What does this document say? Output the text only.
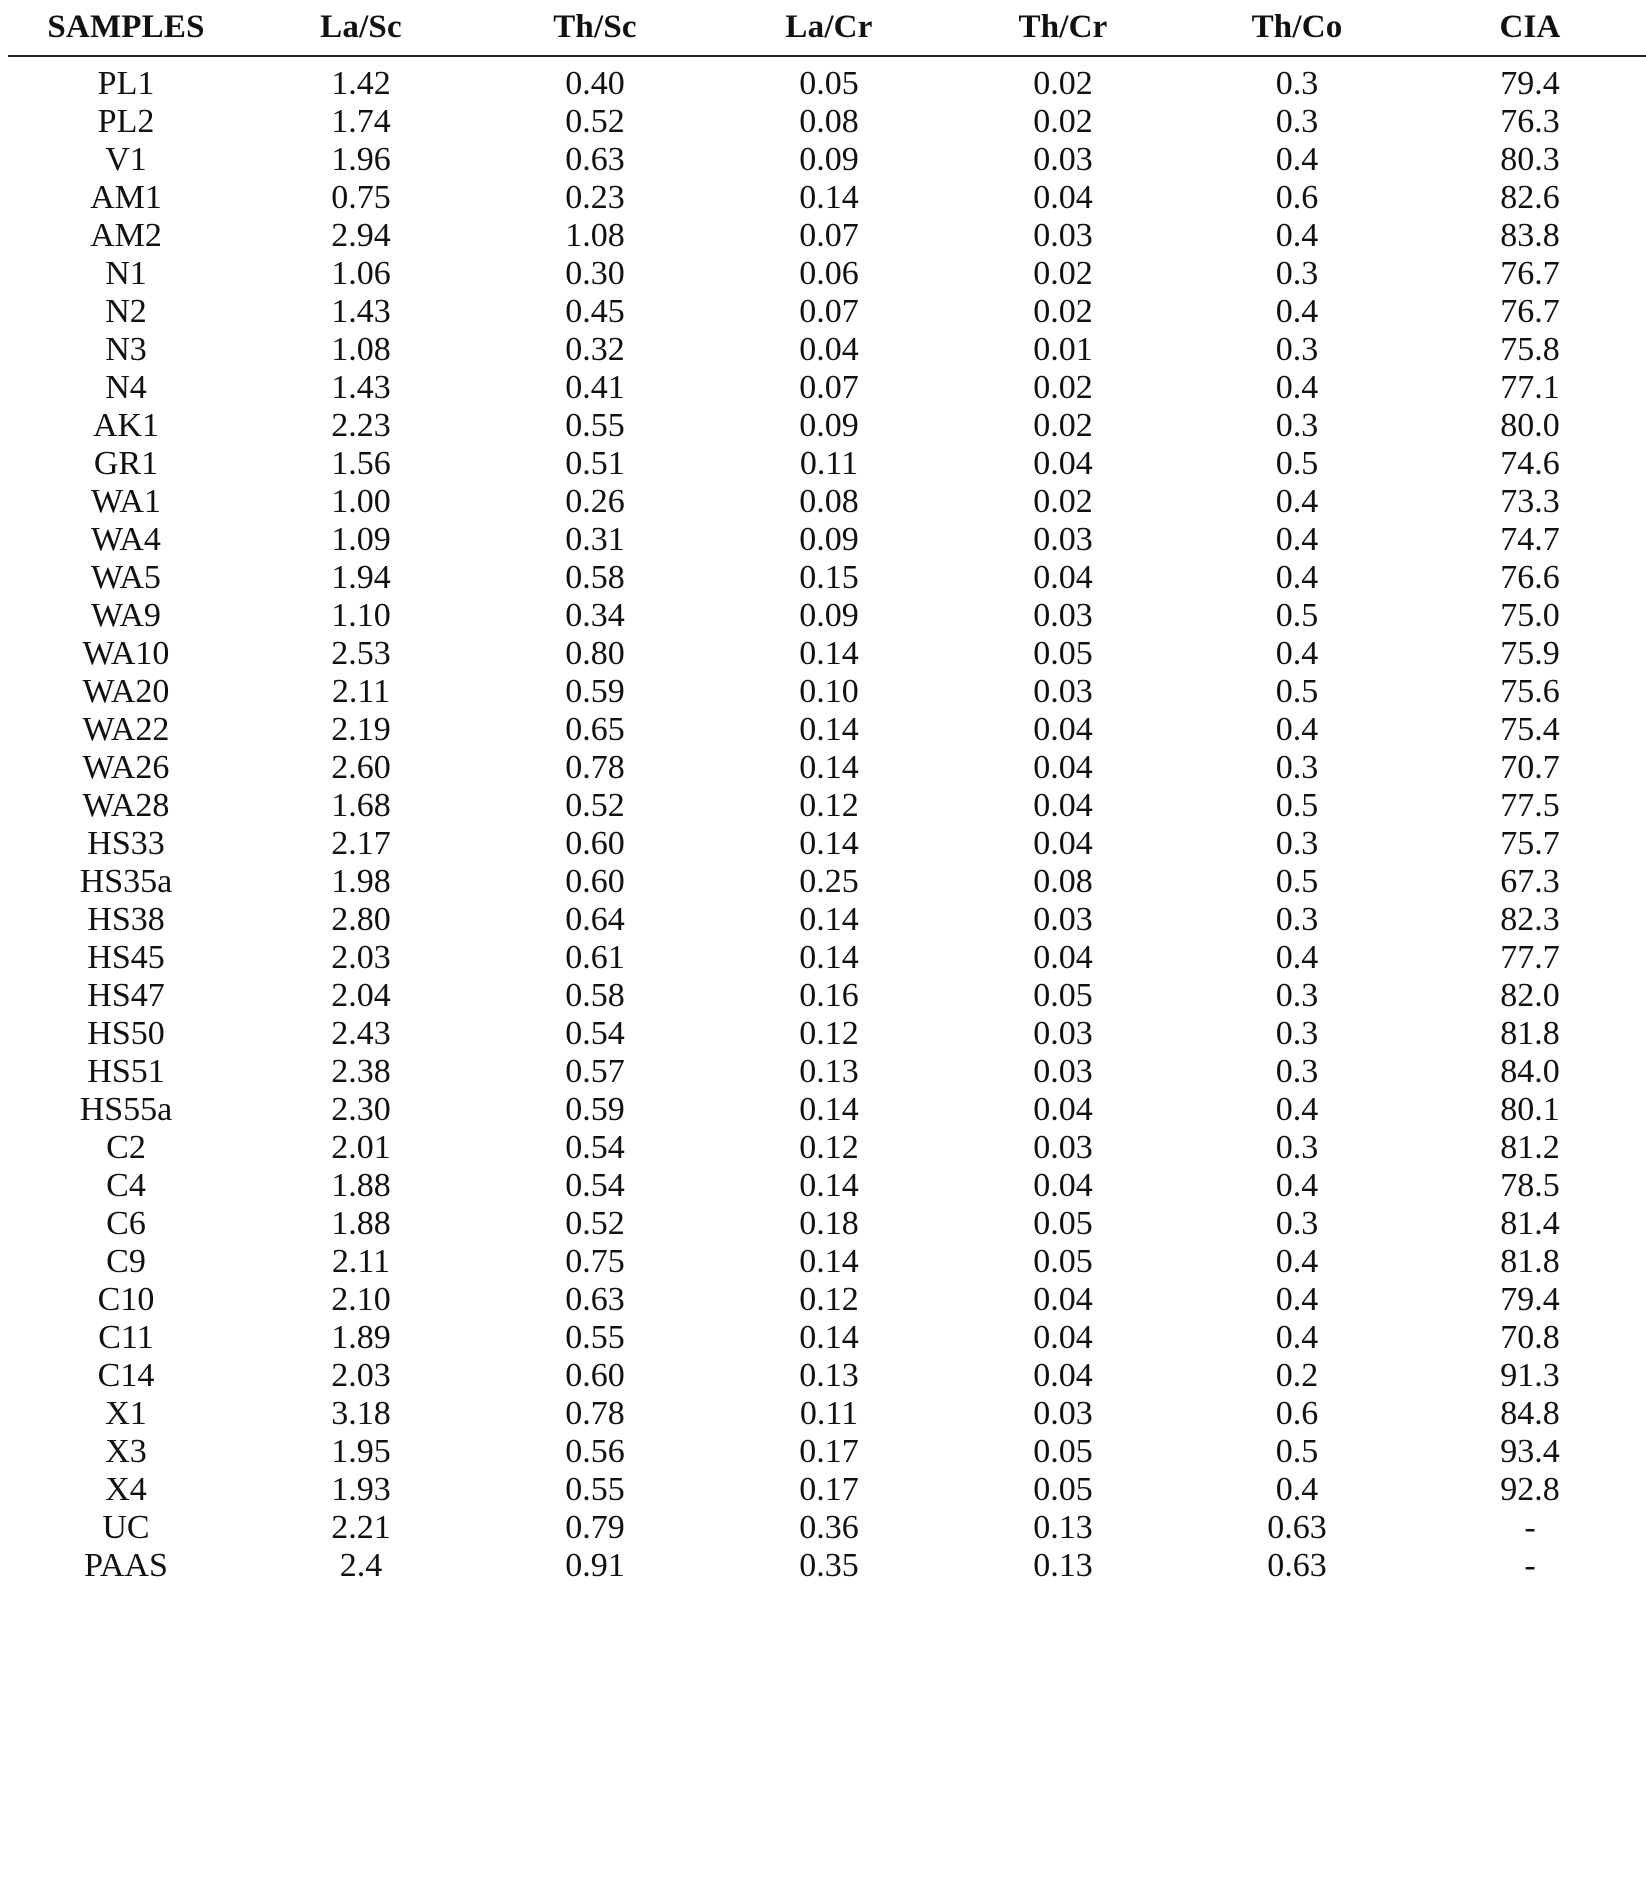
SAMPLES	La/Sc	Th/Sc	La/Cr	Th/Cr	Th/Co	CIA
PL1	1.42	0.40	0.05	0.02	0.3	79.4
PL2	1.74	0.52	0.08	0.02	0.3	76.3
V1	1.96	0.63	0.09	0.03	0.4	80.3
AM1	0.75	0.23	0.14	0.04	0.6	82.6
AM2	2.94	1.08	0.07	0.03	0.4	83.8
N1	1.06	0.30	0.06	0.02	0.3	76.7
N2	1.43	0.45	0.07	0.02	0.4	76.7
N3	1.08	0.32	0.04	0.01	0.3	75.8
N4	1.43	0.41	0.07	0.02	0.4	77.1
AK1	2.23	0.55	0.09	0.02	0.3	80.0
GR1	1.56	0.51	0.11	0.04	0.5	74.6
WA1	1.00	0.26	0.08	0.02	0.4	73.3
WA4	1.09	0.31	0.09	0.03	0.4	74.7
WA5	1.94	0.58	0.15	0.04	0.4	76.6
WA9	1.10	0.34	0.09	0.03	0.5	75.0
WA10	2.53	0.80	0.14	0.05	0.4	75.9
WA20	2.11	0.59	0.10	0.03	0.5	75.6
WA22	2.19	0.65	0.14	0.04	0.4	75.4
WA26	2.60	0.78	0.14	0.04	0.3	70.7
WA28	1.68	0.52	0.12	0.04	0.5	77.5
HS33	2.17	0.60	0.14	0.04	0.3	75.7
HS35a	1.98	0.60	0.25	0.08	0.5	67.3
HS38	2.80	0.64	0.14	0.03	0.3	82.3
HS45	2.03	0.61	0.14	0.04	0.4	77.7
HS47	2.04	0.58	0.16	0.05	0.3	82.0
HS50	2.43	0.54	0.12	0.03	0.3	81.8
HS51	2.38	0.57	0.13	0.03	0.3	84.0
HS55a	2.30	0.59	0.14	0.04	0.4	80.1
C2	2.01	0.54	0.12	0.03	0.3	81.2
C4	1.88	0.54	0.14	0.04	0.4	78.5
C6	1.88	0.52	0.18	0.05	0.3	81.4
C9	2.11	0.75	0.14	0.05	0.4	81.8
C10	2.10	0.63	0.12	0.04	0.4	79.4
C11	1.89	0.55	0.14	0.04	0.4	70.8
C14	2.03	0.60	0.13	0.04	0.2	91.3
X1	3.18	0.78	0.11	0.03	0.6	84.8
X3	1.95	0.56	0.17	0.05	0.5	93.4
X4	1.93	0.55	0.17	0.05	0.4	92.8
UC	2.21	0.79	0.36	0.13	0.63	-
PAAS	2.4	0.91	0.35	0.13	0.63	-
